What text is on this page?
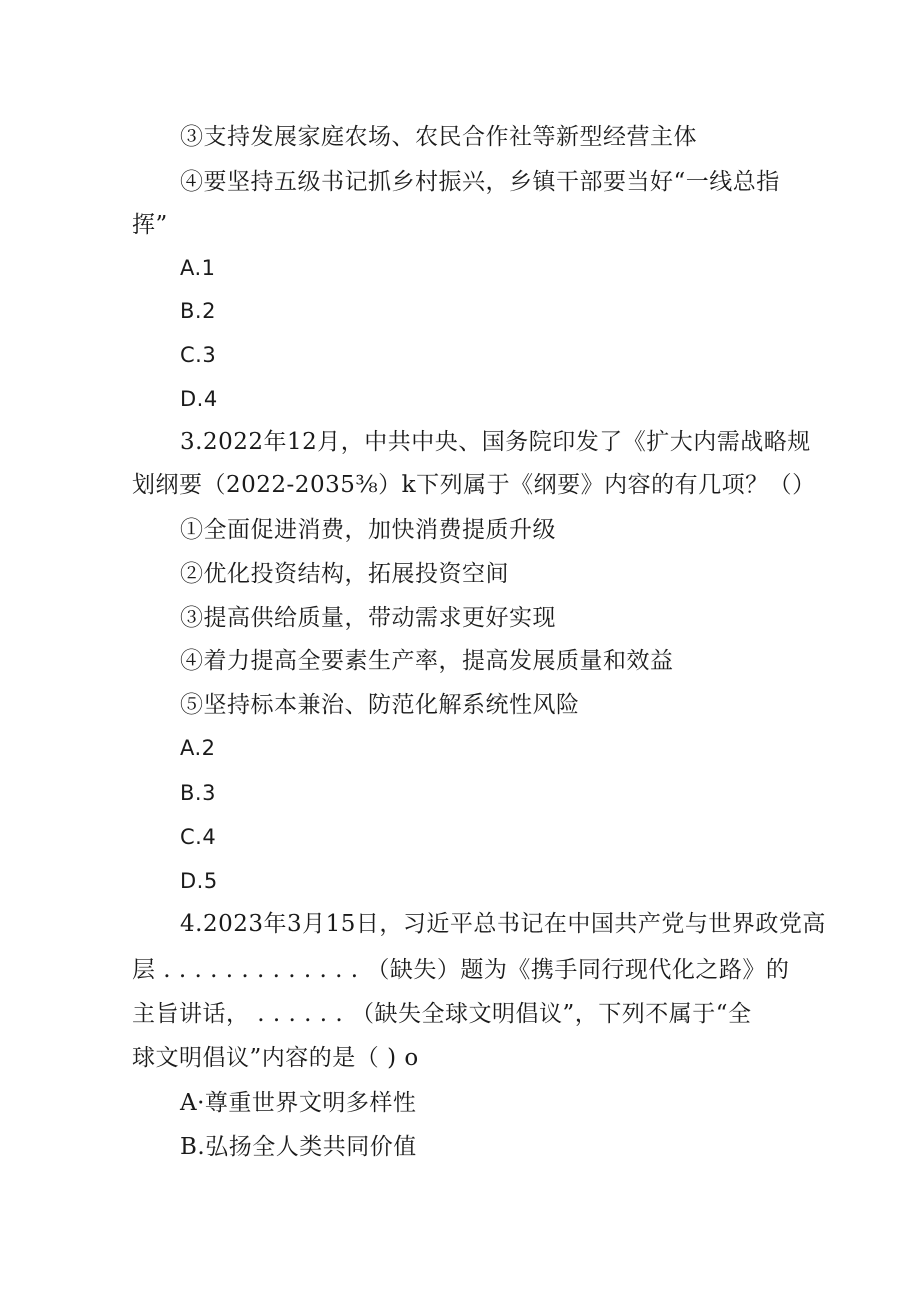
③支持发展家庭农场、农民合作社等新型经营主体
④要坚持五级书记抓乡村振兴，乡镇干部要当好“一线总指
挥”
A.1
B.2
C.3
D.4
3.2022年12月，中共中央、国务院印发了《扩大内需战略规
划纲要（2022-2035⅜）k下列属于《纲要》内容的有几项？（）
①全面促进消费，加快消费提质升级
②优化投资结构，拓展投资空间
③提高供给质量，带动需求更好实现
④着力提高全要素生产率，提高发展质量和效益
⑤坚持标本兼治、防范化解系统性风险
A.2
B.3
C.4
D.5
4.2023年3月15日，习近平总书记在中国共产党与世界政党高
层 . . . . . . . . . . . . . （缺失）题为《携手同行现代化之路》的
主旨讲话， . . . . . . （缺失全球文明倡议”，下列不属于“全
球文明倡议”内容的是（ ) o
A·尊重世界文明多样性
B.弘扬全人类共同价值
